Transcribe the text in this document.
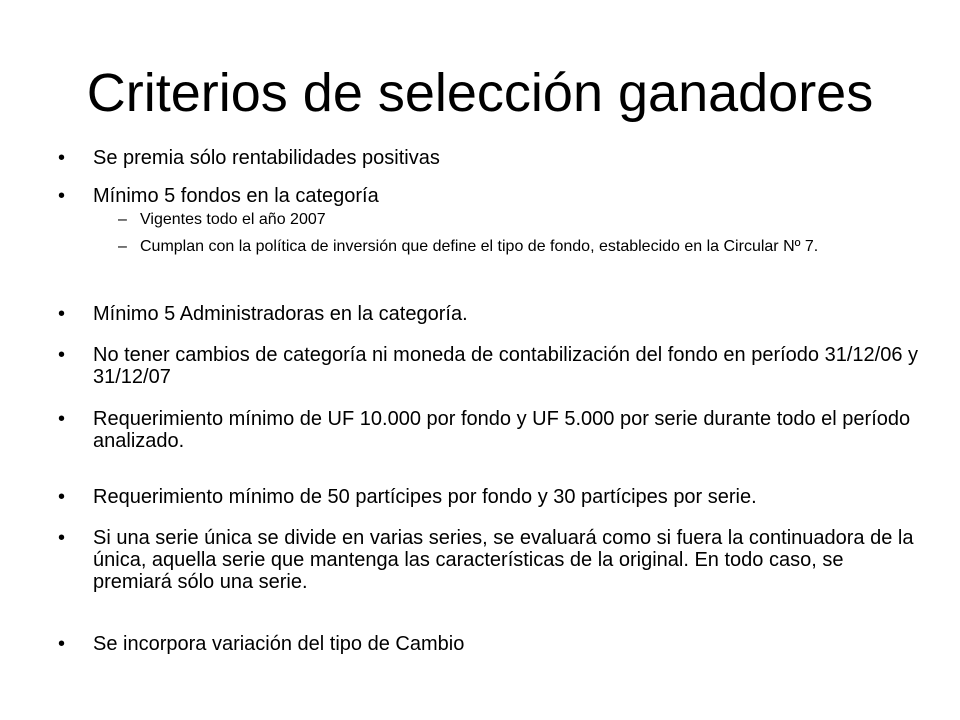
Criterios de selección ganadores
• Se premia sólo rentabilidades positivas
• Mínimo 5 fondos en la categoría
– Vigentes todo el año 2007
– Cumplan con la política de inversión que define el tipo de fondo, establecido en la Circular Nº 7.
• Mínimo 5 Administradoras en la categoría.
• No tener cambios de categoría ni moneda de contabilización del fondo en período 31/12/06 y 31/12/07
• Requerimiento mínimo de UF 10.000 por fondo y UF 5.000 por serie durante todo el período analizado.
• Requerimiento mínimo de 50 partícipes por fondo y 30 partícipes por serie.
• Si una serie única se divide en varias series, se evaluará como si fuera la continuadora de la única, aquella serie que mantenga las características de la original. En todo caso, se premiará sólo una serie.
• Se incorpora variación del tipo de Cambio
